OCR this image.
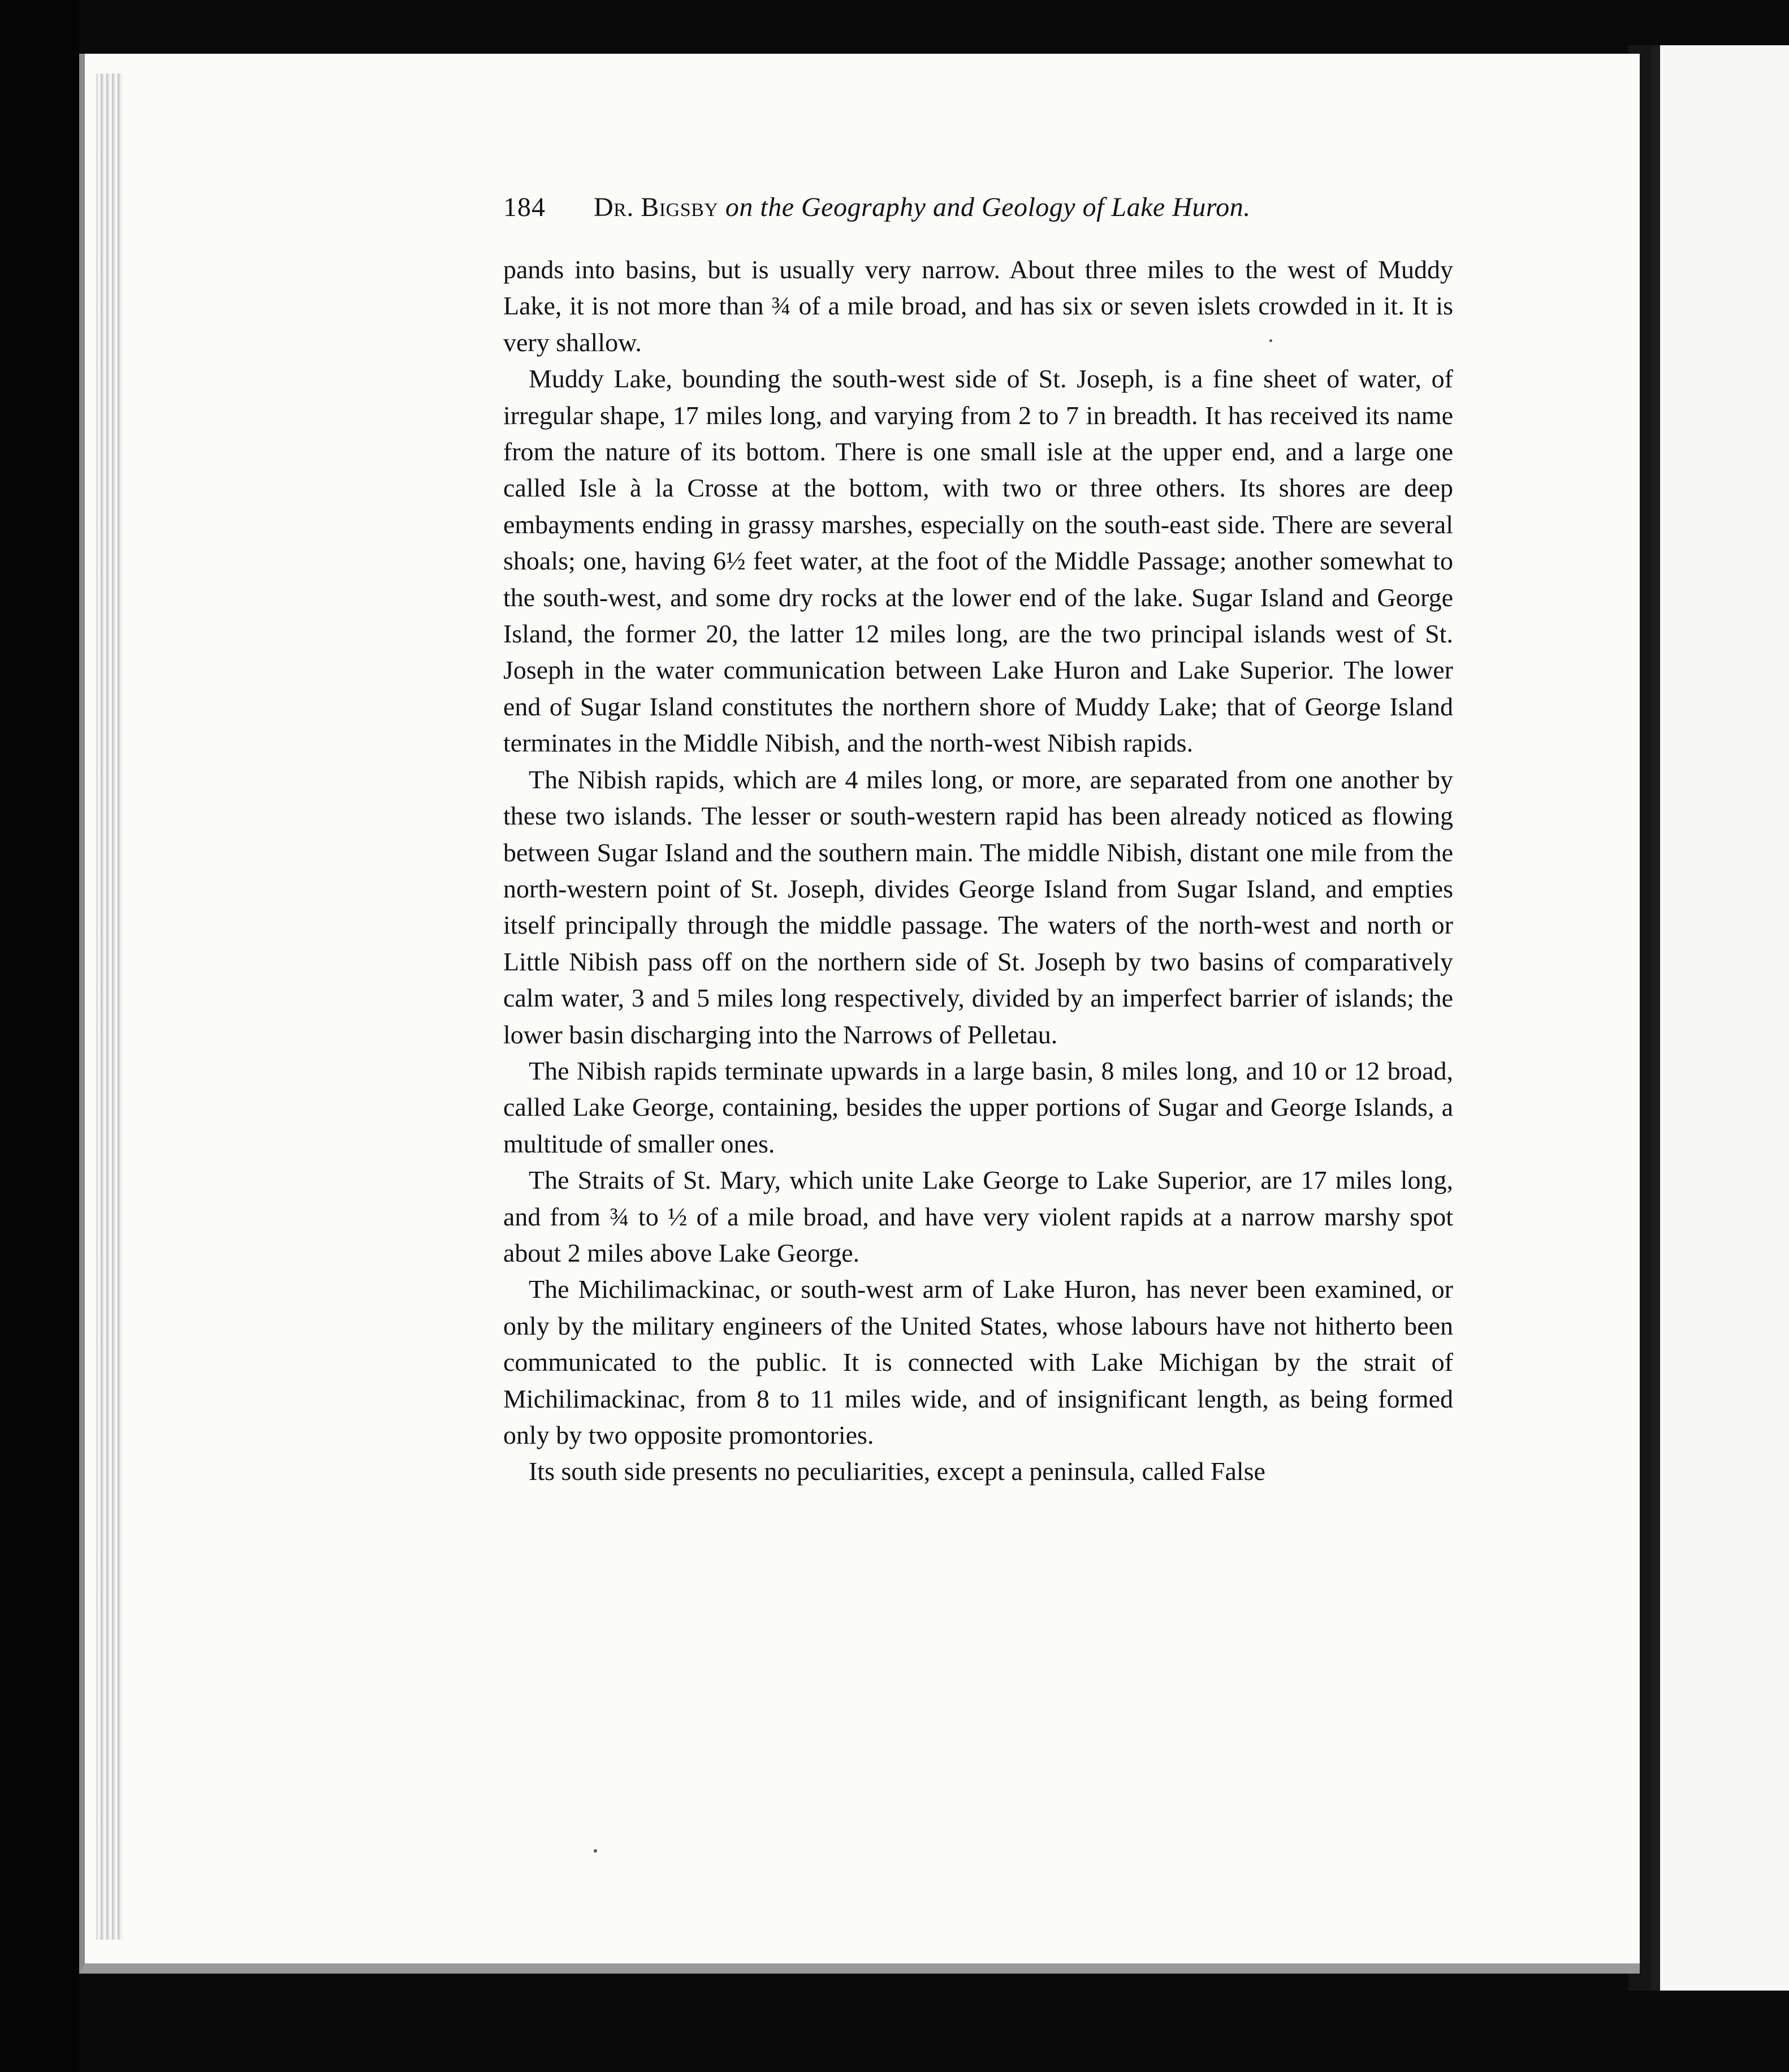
184	Dr. Bigsby on the Geography and Geology of Lake Huron.

pands into basins, but is usually very narrow. About three miles to the west of Muddy Lake, it is not more than ¾ of a mile broad, and has six or seven islets crowded in it. It is very shallow.

Muddy Lake, bounding the south-west side of St. Joseph, is a fine sheet of water, of irregular shape, 17 miles long, and varying from 2 to 7 in breadth. It has received its name from the nature of its bottom. There is one small isle at the upper end, and a large one called Isle à la Crosse at the bottom, with two or three others. Its shores are deep embayments ending in grassy marshes, especially on the south-east side. There are several shoals; one, having 6½ feet water, at the foot of the Middle Passage; another somewhat to the south-west, and some dry rocks at the lower end of the lake. Sugar Island and George Island, the former 20, the latter 12 miles long, are the two principal islands west of St. Joseph in the water communication between Lake Huron and Lake Superior. The lower end of Sugar Island constitutes the northern shore of Muddy Lake; that of George Island terminates in the Middle Nibish, and the north-west Nibish rapids.

The Nibish rapids, which are 4 miles long, or more, are separated from one another by these two islands. The lesser or south-western rapid has been already noticed as flowing between Sugar Island and the southern main. The middle Nibish, distant one mile from the north-western point of St. Joseph, divides George Island from Sugar Island, and empties itself principally through the middle passage. The waters of the north-west and north or Little Nibish pass off on the northern side of St. Joseph by two basins of comparatively calm water, 3 and 5 miles long respectively, divided by an imperfect barrier of islands; the lower basin discharging into the Narrows of Pelletau.

The Nibish rapids terminate upwards in a large basin, 8 miles long, and 10 or 12 broad, called Lake George, containing, besides the upper portions of Sugar and George Islands, a multitude of smaller ones.

The Straits of St. Mary, which unite Lake George to Lake Superior, are 17 miles long, and from ¾ to ½ of a mile broad, and have very violent rapids at a narrow marshy spot about 2 miles above Lake George.

The Michilimackinac, or south-west arm of Lake Huron, has never been examined, or only by the military engineers of the United States, whose labours have not hitherto been communicated to the public. It is connected with Lake Michigan by the strait of Michilimackinac, from 8 to 11 miles wide, and of insignificant length, as being formed only by two opposite promontories.

Its south side presents no peculiarities, except a peninsula, called False
